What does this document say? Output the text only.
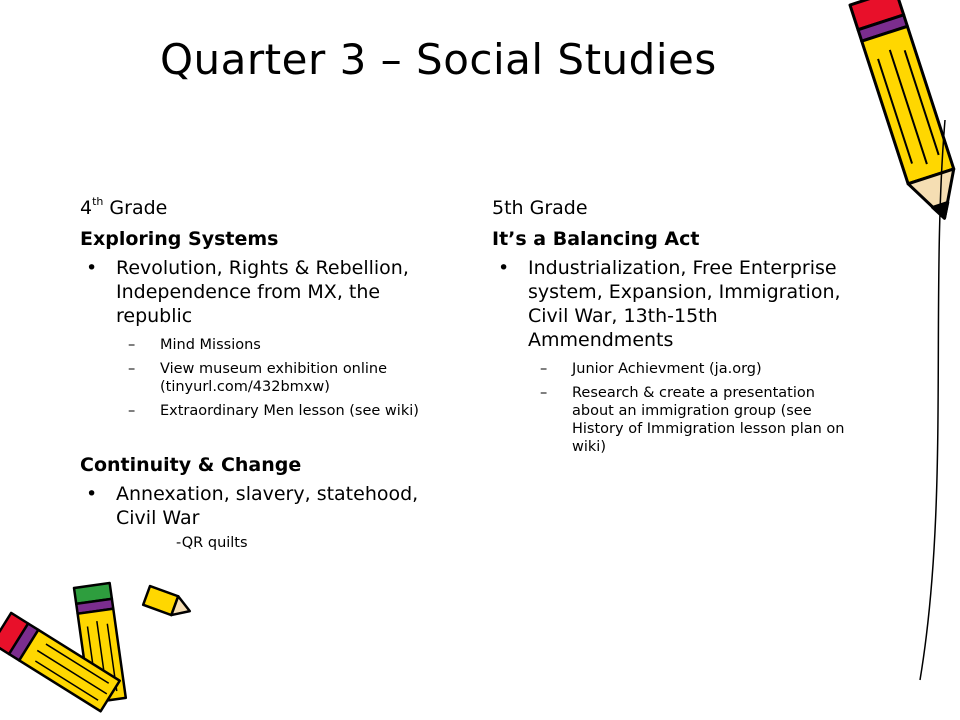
Quarter 3 – Social Studies
4th Grade
Exploring Systems
• Revolution, Rights & Rebellion, Independence from MX, the republic
– Mind Missions
– View museum exhibition online (tinyurl.com/432bmxw)
– Extraordinary Men lesson (see wiki)
Continuity & Change
• Annexation, slavery, statehood, Civil War
-QR quilts
5th Grade
It’s a Balancing Act
• Industrialization, Free Enterprise system, Expansion, Immigration, Civil War, 13th-15th Ammendments
– Junior Achievment (ja.org)
– Research & create a presentation about an immigration group (see History of Immigration lesson plan on wiki)
